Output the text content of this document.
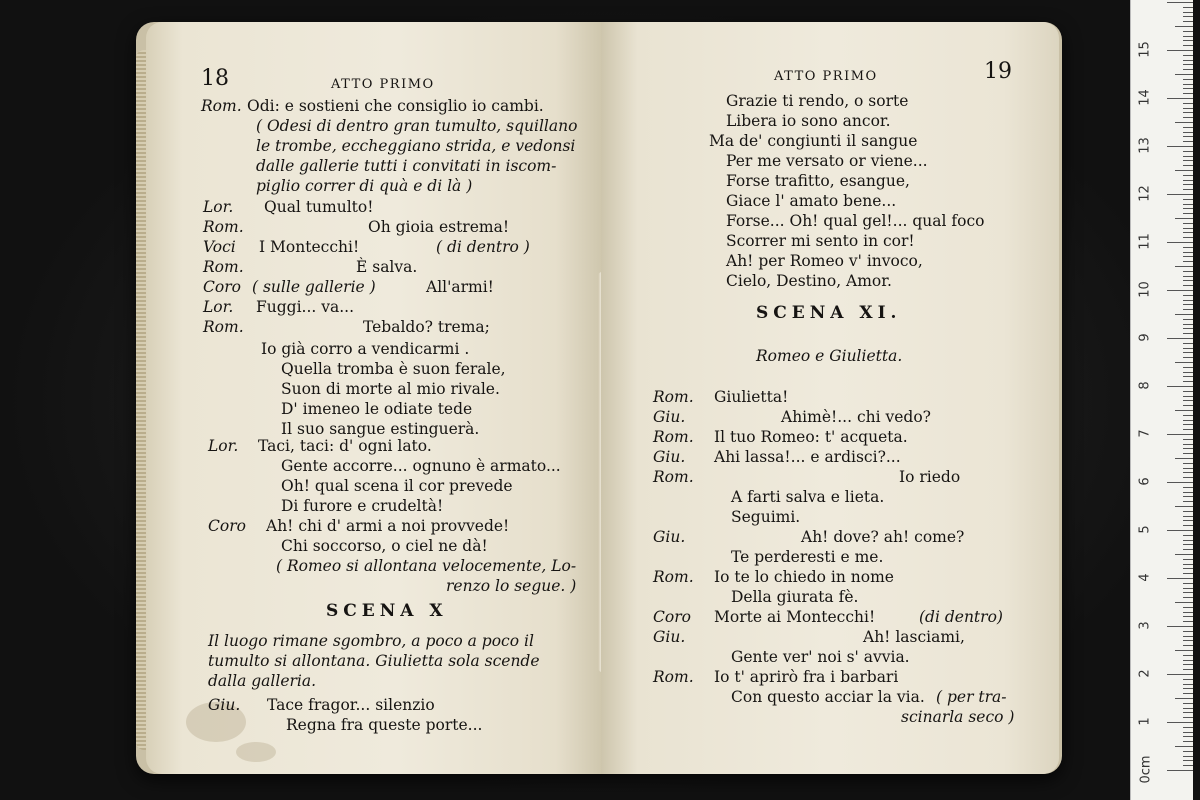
18	ATTO PRIMO
Rom. Odi: e sostieni che consiglio io cambi.
( Odesi di dentro gran tumulto, squillano
le trombe, eccheggiano strida, e vedonsi
dalle gallerie tutti i convitati in iscom-
piglio correr di quà e di là )
Lor. Qual tumulto!
Rom.	Oh gioia estrema!
Voci I Montecchi!	( di dentro )
Rom.	È salva.
Coro ( sulle gallerie )	All'armi!
Lor. Fuggi... va...
Rom.	Tebaldo? trema;
Io già corro a vendicarmi .
Quella tromba è suon ferale,
Suon di morte al mio rivale.
D' imeneo le odiate tede
Il suo sangue estinguerà.
Lor. Taci, taci: d' ogni lato.
Gente accorre... ognuno è armato...
Oh! qual scena il cor prevede
Di furore e crudeltà!
Coro Ah! chi d' armi a noi provvede!
Chi soccorso, o ciel ne dà!
( Romeo si allontana velocemente, Lo-
renzo lo segue. )
SCENA X
Il luogo rimane sgombro, a poco a poco il
tumulto si allontana. Giulietta sola scende
dalla galleria.
Giu. Tace fragor... silenzio
Regna fra queste porte...
ATTO PRIMO	19
Grazie ti rendo, o sorte
Libera io sono ancor.
Ma de' congiunti il sangue
Per me versato or viene...
Forse trafitto, esangue,
Giace l' amato bene...
Forse... Oh! qual gel!... qual foco
Scorrer mi sento in cor!
Ah! per Romeo v' invoco,
Cielo, Destino, Amor.
SCENA XI.
Romeo e Giulietta.
Rom. Giulietta!
Giu.	Ahimè!... chi vedo?
Rom. Il tuo Romeo: t' acqueta.
Giu. Ahi lassa!... e ardisci?...
Rom.	Io riedo
A farti salva e lieta.
Seguimi.
Giu.	Ah! dove? ah! come?
Te perderesti e me.
Rom. Io te lo chiedo in nome
Della giurata fè.
Coro Morte ai Montecchi!	(di dentro)
Giu.	Ah! lasciami,
Gente ver' noi s' avvia.
Rom. Io t' aprirò fra i barbari
Con questo acciar la via. ( per tra-
scinarla seco )
0cm
1
2
3
4
5
6
7
8
9
10
11
12
13
14
15
